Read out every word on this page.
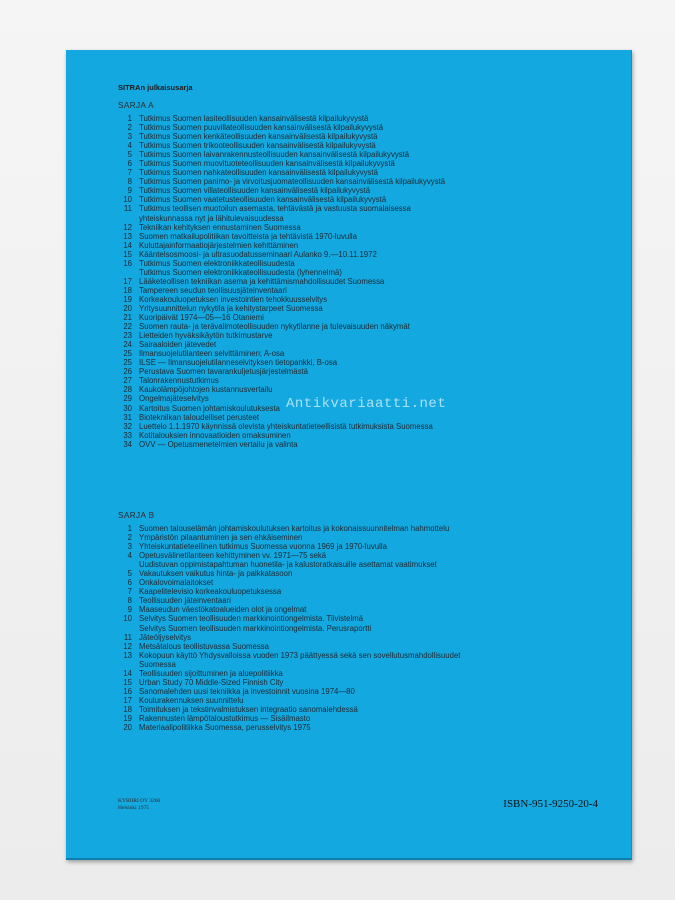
SITRAn julkaisusarja
SARJA A
1 Tutkimus Suomen lasiteollisuuden kansainvälisestä kilpailukyvystä
2 Tutkimus Suomen puuvillateollisuuden kansainvälisestä kilpailukyvystä
3 Tutkimus Suomen kenkäteollisuuden kansainvälisestä kilpailukyvystä
4 Tutkimus Suomen trikooteollisuuden kansainvälisestä kilpailukyvystä
5 Tutkimus Suomen laivanrakennusteollisuuden kansainvälisestä kilpailukyvystä
6 Tutkimus Suomen muovituoteteollisuuden kansainvälisestä kilpailukyvystä
7 Tutkimus Suomen nahkateollisuuden kansainvälisestä kilpailukyvystä
8 Tutkimus Suomen panimo- ja virvoitusjuomateollisuuden kansainvälisestä kilpailukyvystä
9 Tutkimus Suomen villateollisuuden kansainvälisestä kilpailukyvystä
10 Tutkimus Suomen vaatetusteollisuuden kansainvälisestä kilpailukyvystä
11 Tutkimus teollisen muotoilun asemasta, tehtävästä ja vastuusta suomalaisessa
yhteiskunnassa nyt ja lähitulevaisuudessa
12 Tekniikan kehityksen ennustaminen Suomessa
13 Suomen matkailupolitiikan tavoitteista ja tehtävistä 1970-luvulla
14 Kuluttajainformaatiojärjestelmien kehittäminen
15 Kääntelsosmoosi- ja ultrasuodatusseminaari Aulanko 9.—10.11.1972
16 Tutkimus Suomen elektroniikkateollisuudesta
Tutkimus Suomen elektroniikkateollisuudesta (lyhennelmä)
17 Lääketeollisen tekniikan asema ja kehittämismahdollisuudet Suomessa
18 Tampereen seudun teollisuusjäteinventaari
19 Korkeakouluopetuksen investointien tehokkuusselvitys
20 Yritysuunnittelun nykytila ja kehitystarpeet Suomessa
21 Kuoripäivät 1974—05—16 Otaniemi
22 Suomen rauta- ja terävalimoteollisuuden nykytilanne ja tulevaisuuden näkymät
23 Lietteiden hyväksikäytön tutkimustarve
24 Sairaaloiden jätevedet
25 Ilmansuojelutilanteen selvittäminen; A-osa
25 ILSE — Ilmansuojelutilanneselvityksen tietopankki, B-osa
26 Perustava Suomen tavarankuljetusjärjestelmästä
27 Talonrakennustutkimus
28 Kaukolämpöjohtojen kustannusvertailu
29 Ongelmajäteselvitys
30 Kartoitus Suomen johtamiskoulutuksesta
31 Bioteknilkan taloudelliset perusteet
32 Luettelo 1.1.1970 käynnissä olevista yhteiskuntatieteellisistä tutkimuksista Suomessa
33 Kotitalouksien innovaatioiden omaksuminen
34 OVV — Opetusmenetelmien vertailu ja valinta
SARJA B
1 Suomen talouselämän johtamiskoulutuksen kartoitus ja kokonaissuunnitelman hahmottelu
2 Ympäristön pilaantuminen ja sen ehkäiseminen
3 Yhteiskuntatieteellinen tutkimus Suomessa vuonna 1969 ja 1970-luvulla
4 Opetusvälinetilanteen kehittyminen vv. 1971—75 sekä
Uudistuvan oppimistapahtuman huonetila- ja kalustoratkaisuille asettamat vaatimukset
5 Vakautuksen vaikutus hinta- ja palkkatasoon
6 Onkalovoimalaitokset
7 Kaapelitelevisio korkeakouluopetuksessa
8 Teollisuuden jäteinventaari
9 Maaseudun väestökatoalueiden olot ja ongelmat
10 Selvitys Suomen teollisuuden markkinointiongelmista. Tiivistelmä
Selvitys Suomen teollisuuden markkinointiongelmista. Perusraportti
11 Jäteöljyselvitys
12 Metsätalous teollistuvassa Suomessa
13 Kokopuun käyttö Yhdysvalloissa vuoden 1973 päättyessä sekä sen sovellutusmahdollisuudet
Suomessa
14 Teollisuuden sijoittuminen ja aluepolitiikka
15 Urban Study 70 Middle-Sized Finnish City
16 Sanomalehden uusi tekniikka ja investoinnit vuosina 1974—80
17 Koulurakennuksen suunnittelu
18 Toimituksen ja tekstinvalmistuksen integraatio sanomalehdessä
19 Rakennusten lämpötaloustutkimus — Sisäilmasto
20 Materiaalipolitiikka Suomessa, perusselvitys 1975
Antikvariaatti.net
KYRIIRI OY 3266
Helsinki 1975	ISBN-951-9250-20-4
